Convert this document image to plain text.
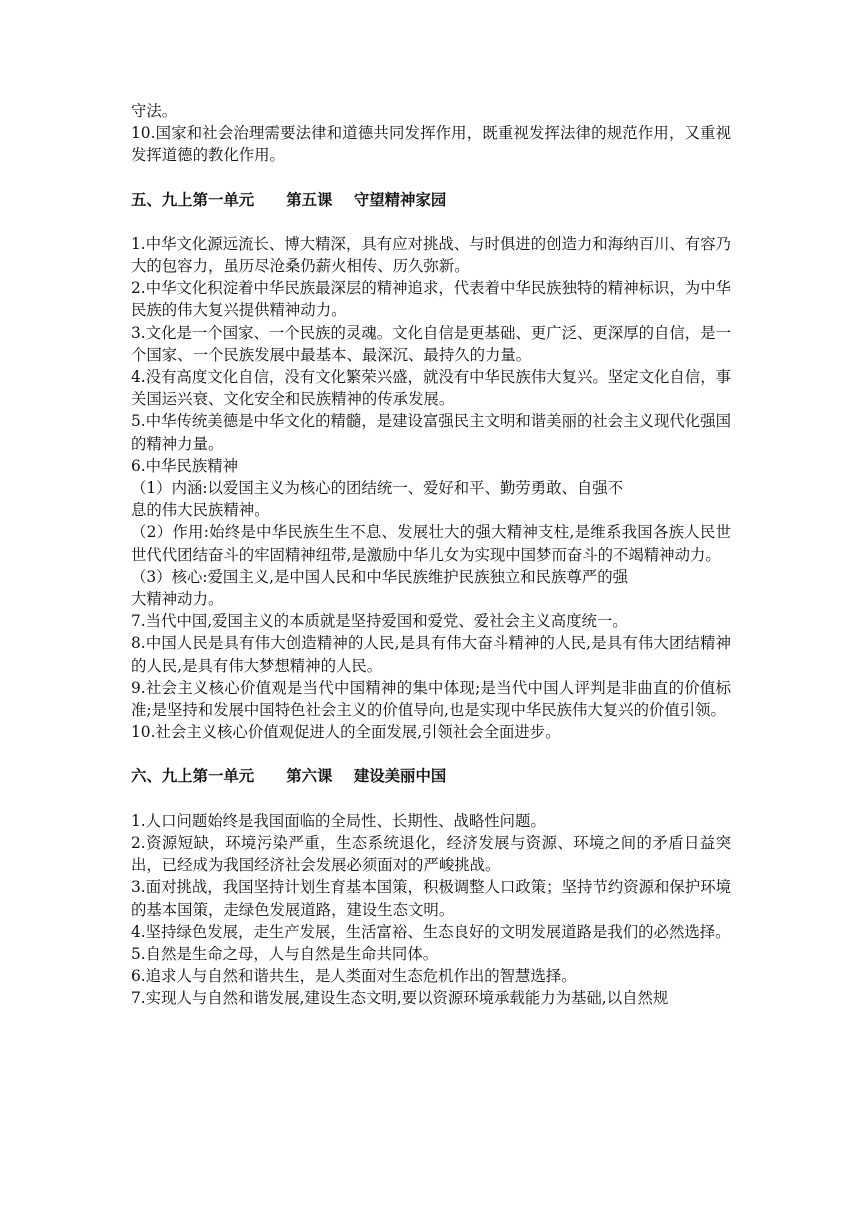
守法。

10.国家和社会治理需要法律和道德共同发挥作用，既重视发挥法律的规范作用，又重视发挥道德的教化作用。

五、九上第一单元      第五课    守望精神家园

1.中华文化源远流长、博大精深，具有应对挑战、与时俱进的创造力和海纳百川、有容乃大的包容力，虽历尽沧桑仍薪火相传、历久弥新。

2.中华文化积淀着中华民族最深层的精神追求，代表着中华民族独特的精神标识，为中华民族的伟大复兴提供精神动力。

3.文化是一个国家、一个民族的灵魂。文化自信是更基础、更广泛、更深厚的自信，是一个国家、一个民族发展中最基本、最深沉、最持久的力量。

4.没有高度文化自信，没有文化繁荣兴盛，就没有中华民族伟大复兴。坚定文化自信，事关国运兴衰、文化安全和民族精神的传承发展。

5.中华传统美德是中华文化的精髓，是建设富强民主文明和谐美丽的社会主义现代化强国的精神力量。

6.中华民族精神

（1）内涵:以爱国主义为核心的团结统一、爱好和平、勤劳勇敢、自强不

息的伟大民族精神。

（2）作用:始终是中华民族生生不息、发展壮大的强大精神支柱,是维系我国各族人民世世代代团结奋斗的牢固精神纽带,是激励中华儿女为实现中国梦而奋斗的不竭精神动力。

（3）核心:爱国主义,是中国人民和中华民族维护民族独立和民族尊严的强

大精神动力。

7.当代中国,爱国主义的本质就是坚持爱国和爱党、爱社会主义高度统一。

8.中国人民是具有伟大创造精神的人民,是具有伟大奋斗精神的人民,是具有伟大团结精神的人民,是具有伟大梦想精神的人民。

9.社会主义核心价值观是当代中国精神的集中体现;是当代中国人评判是非曲直的价值标准;是坚持和发展中国特色社会主义的价值导向,也是实现中华民族伟大复兴的价值引领。

10.社会主义核心价值观促进人的全面发展,引领社会全面进步。

六、九上第一单元      第六课    建设美丽中国

1.人口问题始终是我国面临的全局性、长期性、战略性问题。

2.资源短缺，环境污染严重，生态系统退化，经济发展与资源、环境之间的矛盾日益突出，已经成为我国经济社会发展必须面对的严峻挑战。

3.面对挑战，我国坚持计划生育基本国策，积极调整人口政策；坚持节约资源和保护环境的基本国策，走绿色发展道路，建设生态文明。

4.坚持绿色发展，走生产发展，生活富裕、生态良好的文明发展道路是我们的必然选择。

5.自然是生命之母，人与自然是生命共同体。

6.追求人与自然和谐共生，是人类面对生态危机作出的智慧选择。

7.实现人与自然和谐发展,建设生态文明,要以资源环境承载能力为基础,以自然规
